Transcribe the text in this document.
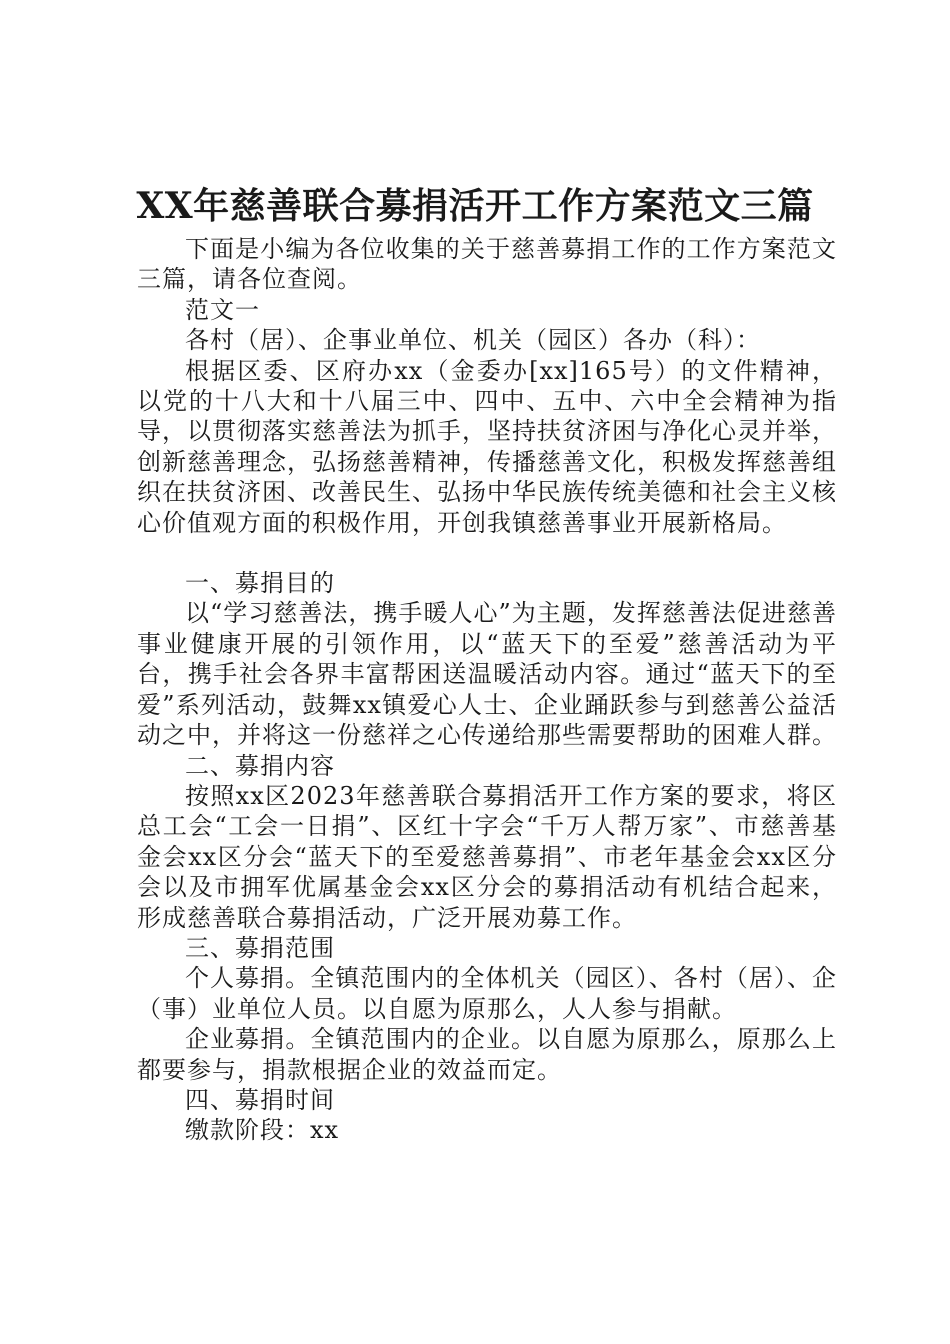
XX年慈善联合募捐活开工作方案范文三篇

下面是小编为各位收集的关于慈善募捐工作的工作方案范文三篇，请各位查阅。

范文一

各村（居）、企事业单位、机关（园区）各办（科）：

根据区委、区府办xx（金委办[xx]165号）的文件精神，以党的十八大和十八届三中、四中、五中、六中全会精神为指导，以贯彻落实慈善法为抓手，坚持扶贫济困与净化心灵并举，创新慈善理念，弘扬慈善精神，传播慈善文化，积极发挥慈善组织在扶贫济困、改善民生、弘扬中华民族传统美德和社会主义核心价值观方面的积极作用，开创我镇慈善事业开展新格局。

一、募捐目的

以“学习慈善法，携手暖人心”为主题，发挥慈善法促进慈善事业健康开展的引领作用，以“蓝天下的至爱”慈善活动为平台，携手社会各界丰富帮困送温暖活动内容。通过“蓝天下的至爱”系列活动，鼓舞xx镇爱心人士、企业踊跃参与到慈善公益活动之中，并将这一份慈祥之心传递给那些需要帮助的困难人群。

二、募捐内容

按照xx区2023年慈善联合募捐活开工作方案的要求，将区总工会“工会一日捐”、区红十字会“千万人帮万家”、市慈善基金会xx区分会“蓝天下的至爱慈善募捐”、市老年基金会xx区分会以及市拥军优属基金会xx区分会的募捐活动有机结合起来，形成慈善联合募捐活动，广泛开展劝募工作。

三、募捐范围

个人募捐。全镇范围内的全体机关（园区）、各村（居）、企（事）业单位人员。以自愿为原那么，人人参与捐献。

企业募捐。全镇范围内的企业。以自愿为原那么，原那么上都要参与，捐款根据企业的效益而定。

四、募捐时间

缴款阶段：xx
